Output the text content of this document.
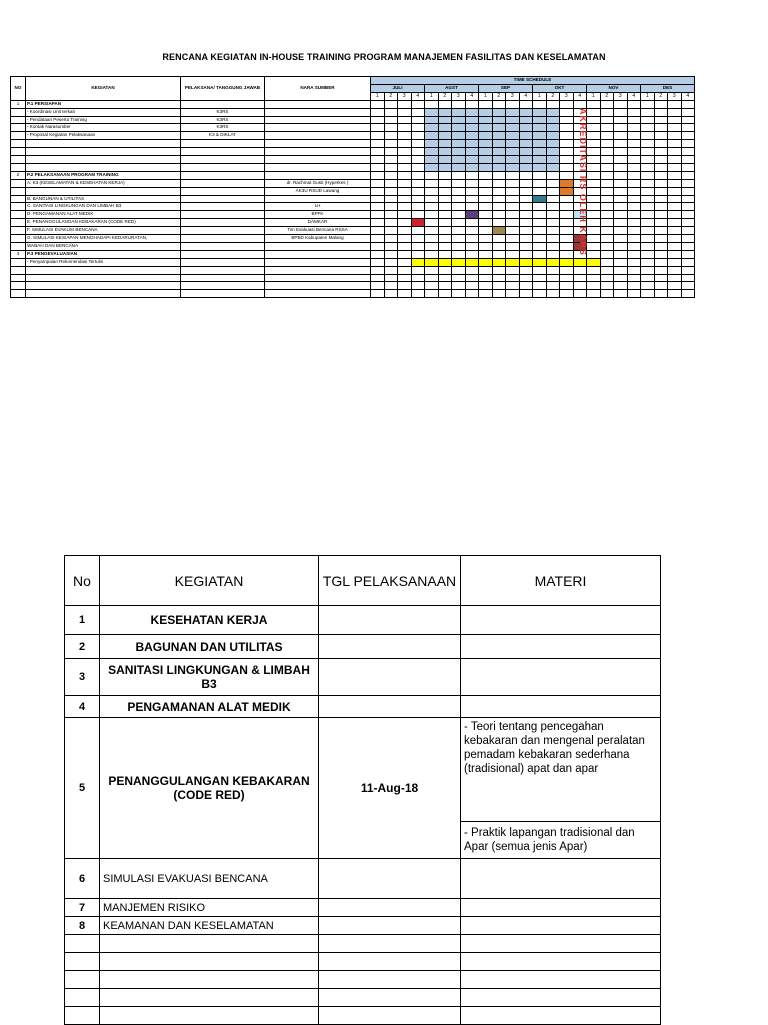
RENCANA KEGIATAN IN-HOUSE TRAINING PROGRAM MANAJEMEN FASILITAS DAN KESELAMATAN
NO	KEGIATAN	PELAKSANA/ TANGGUNG JAWAB	NARA SUMBER	TIME SCHEDULE																							
				JULI				AGST				SEP				OKT				NOV				DES			
				1	2	3	4	1	2	3	4	1	2	3	4	1	2	3	4	1	2	3	4	1	2	3	4
1	P.1 PERSIAPAN																										
	- Koordinasi Unit terkait	K3RS																									
	- Pendataan Peserta Training	K3RS																									
	- Kontak Narasumber	K3RS																									
	- Proposal Kegiatan Pelaksanaan	K3 & DIKLAT																									

2	P.2 PELAKSANAAN PROGRAM TRAINING																										
	A. K3 (KESELAMATAN & KESEHATAN KERJA)		dr. Rachmat Gusti (Hyperkes )																								
			AK3U RSUD Lawang																								
	B. BANGUNAN & UTILITAS																										
	C. SANITASI LINGKUNGAN DAN LIMBAH B3		LH																								
	D. PENGAMANAN ALAT MEDIK		BPFK																								
	E. PENANGGULANGAN KEBAKARAN (CODE RED)		DAMKAR																								
	F. SIMULASI EVAKUSI BENCANA		Tim Evakuasi Bencana RSSA																								
	G. SIMULASI KESIAPAN MENGHADAPI KEDARURATAN,		BPBD Kabupaten Malang																								
	WABAH DAN BENCANA																										
3	P.3 PENGEVALUASIAN																										
	- Penyampaian Rekomendasi Tertulis																										

AKREDITASI RS OLEH KARS
No	KEGIATAN	TGL PELAKSANAAN	MATERI
1	KESEHATAN KERJA		
2	BAGUNAN DAN UTILITAS		
3	SANITASI LINGKUNGAN & LIMBAH B3		
4	PENGAMANAN ALAT MEDIK		
5	PENANGGULANGAN KEBAKARAN (CODE RED)	11-Aug-18	- Teori tentang pencegahan kebakaran dan mengenal peralatan pemadam kebakaran sederhana (tradisional) apat dan apar
- Praktik lapangan tradisional dan Apar (semua jenis Apar)

6	SIMULASI EVAKUASI BENCANA		
7	MANJEMEN RISIKO		
8	KEAMANAN DAN KESELAMATAN		
